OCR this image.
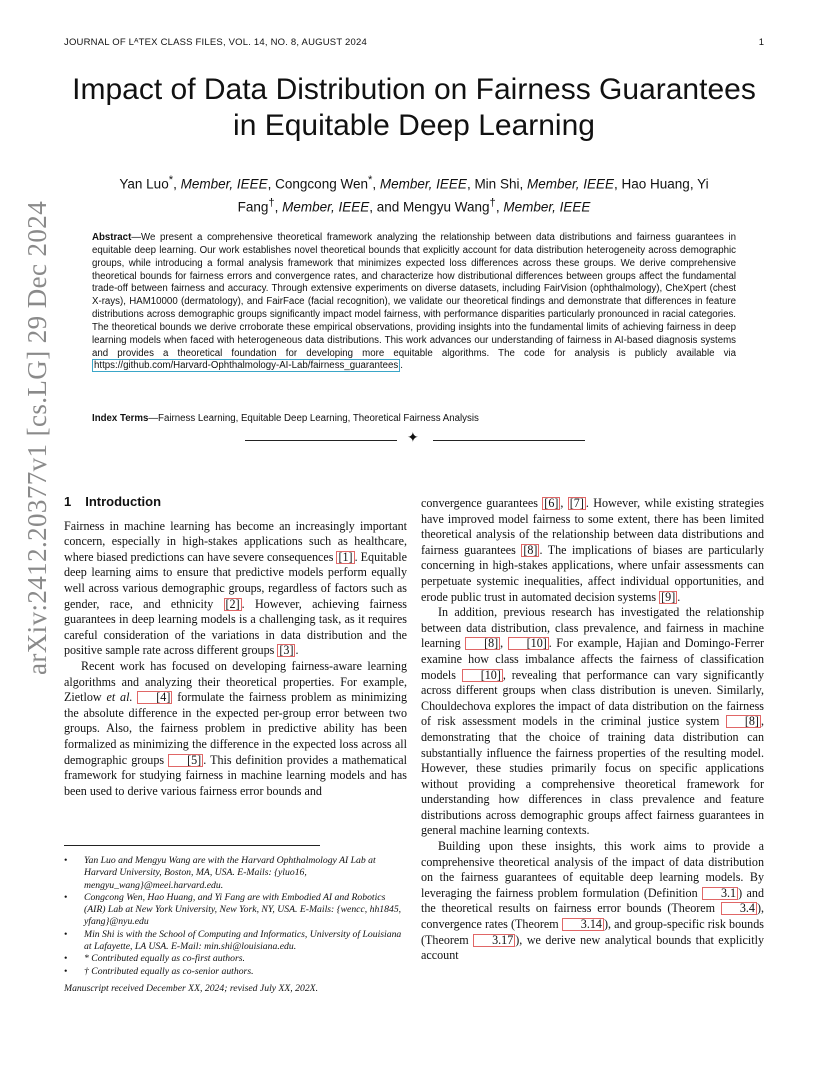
JOURNAL OF LᴬTEX CLASS FILES, VOL. 14, NO. 8, AUGUST 2024	1
arXiv:2412.20377v1 [cs.LG] 29 Dec 2024
Impact of Data Distribution on Fairness Guarantees in Equitable Deep Learning
Yan Luo*, Member, IEEE, Congcong Wen*, Member, IEEE, Min Shi, Member, IEEE, Hao Huang, Yi
Fang†, Member, IEEE, and Mengyu Wang†, Member, IEEE
Abstract—We present a comprehensive theoretical framework analyzing the relationship between data distributions and fairness guarantees in equitable deep learning. Our work establishes novel theoretical bounds that explicitly account for data distribution heterogeneity across demographic groups, while introducing a formal analysis framework that minimizes expected loss differences across these groups. We derive comprehensive theoretical bounds for fairness errors and convergence rates, and characterize how distributional differences between groups affect the fundamental trade-off between fairness and accuracy. Through extensive experiments on diverse datasets, including FairVision (ophthalmology), CheXpert (chest X-rays), HAM10000 (dermatology), and FairFace (facial recognition), we validate our theoretical findings and demonstrate that differences in feature distributions across demographic groups significantly impact model fairness, with performance disparities particularly pronounced in racial categories. The theoretical bounds we derive crroborate these empirical observations, providing insights into the fundamental limits of achieving fairness in deep learning models when faced with heterogeneous data distributions. This work advances our understanding of fairness in AI-based diagnosis systems and provides a theoretical foundation for developing more equitable algorithms. The code for analysis is publicly available via https://github.com/Harvard-Ophthalmology-AI-Lab/fairness_guarantees .
Index Terms—Fairness Learning, Equitable Deep Learning, Theoretical Fairness Analysis
✦
1 Introduction

Fairness in machine learning has become an increasingly important concern, especially in high-stakes applications such as healthcare, where biased predictions can have severe consequences [1] . Equitable deep learning aims to ensure that predictive models perform equally well across various demographic groups, regardless of factors such as gender, race, and ethnicity [2] . However, achieving fairness guarantees in deep learning models is a challenging task, as it requires careful consideration of the variations in data distribution and the positive sample rate across different groups [3] .

Recent work has focused on developing fairness-aware learning algorithms and analyzing their theoretical properties. For example, Zietlow et al. [4] formulate the fairness problem as minimizing the absolute difference in the expected per-group error between two groups. Also, the fairness problem in predictive ability has been formalized as minimizing the difference in the expected loss across all demographic groups [5] . This definition provides a mathematical framework for studying fairness in machine learning models and has been used to derive various fairness error bounds and

• Yan Luo and Mengyu Wang are with the Harvard Ophthalmology AI Lab at Harvard University, Boston, MA, USA. E-Mails: {yluo16, mengyu_wang}@meei.harvard.edu.

• Congcong Wen, Hao Huang, and Yi Fang are with Embodied AI and Robotics (AIR) Lab at New York University, New York, NY, USA. E-Mails: {wencc, hh1845, yfang}@nyu.edu

• Min Shi is with the School of Computing and Informatics, University of Louisiana at Lafayette, LA USA. E-Mail: min.shi@louisiana.edu.

• * Contributed equally as co-first authors.

• † Contributed equally as co-senior authors.

Manuscript received December XX, 2024; revised July XX, 202X.

convergence guarantees [6] , [7] . However, while existing strategies have improved model fairness to some extent, there has been limited theoretical analysis of the relationship between data distributions and fairness guarantees [8] . The implications of biases are particularly concerning in high-stakes applications, where unfair assessments can perpetuate systemic inequalities, affect individual opportunities, and erode public trust in automated decision systems [9] .

In addition, previous research has investigated the relationship between data distribution, class prevalence, and fairness in machine learning [8] , [10] . For example, Hajian and Domingo-Ferrer examine how class imbalance affects the fairness of classification models [10] , revealing that performance can vary significantly across different groups when class distribution is uneven. Similarly, Chouldechova explores the impact of data distribution on the fairness of risk assessment models in the criminal justice system [8] , demonstrating that the choice of training data distribution can substantially influence the fairness properties of the resulting model. However, these studies primarily focus on specific applications without providing a comprehensive theoretical framework for understanding how differences in class prevalence and feature distributions across demographic groups affect fairness guarantees in general machine learning contexts.

Building upon these insights, this work aims to provide a comprehensive theoretical analysis of the impact of data distribution on the fairness guarantees of equitable deep learning models. By leveraging the fairness problem formulation (Definition 3.1 ) and the theoretical results on fairness error bounds (Theorem 3.4 ), convergence rates (Theorem 3.14 ), and group-specific risk bounds (Theorem 3.17 ), we derive new analytical bounds that explicitly account
